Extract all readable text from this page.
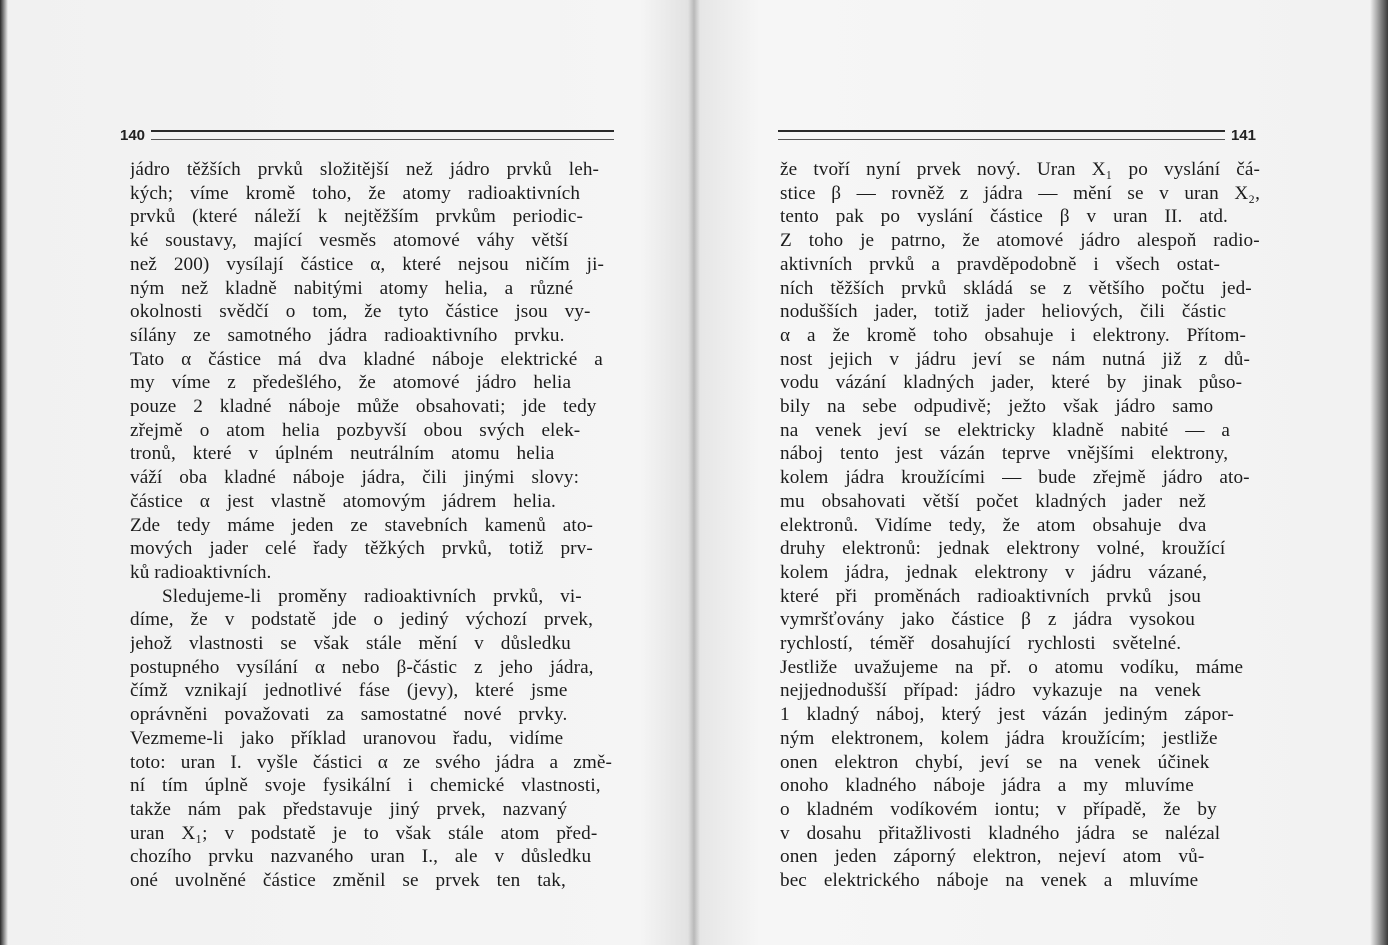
140
jádro těžších prvků složitější než jádro prvků leh-
kých; víme kromě toho, že atomy radioaktivních
prvků (které náleží k nejtěžším prvkům periodic-
ké soustavy, mající vesměs atomové váhy větší
než 200) vysílají částice α, které nejsou ničím ji-
ným než kladně nabitými atomy helia, a různé
okolnosti svědčí o tom, že tyto částice jsou vy-
sílány ze samotného jádra radioaktivního prvku.
Tato α částice má dva kladné náboje elektrické a
my víme z předešlého, že atomové jádro helia
pouze 2 kladné náboje může obsahovati; jde tedy
zřejmě o atom helia pozbyvší obou svých elek-
tronů, které v úplném neutrálním atomu helia
váží oba kladné náboje jádra, čili jinými slovy:
částice α jest vlastně atomovým jádrem helia.
Zde tedy máme jeden ze stavebních kamenů ato-
mových jader celé řady těžkých prvků, totiž prv-
ků radioaktivních.
Sledujeme-li proměny radioaktivních prvků, vi-
díme, že v podstatě jde o jediný výchozí prvek,
jehož vlastnosti se však stále mění v důsledku
postupného vysílání α nebo β-částic z jeho jádra,
čímž vznikají jednotlivé fáse (jevy), které jsme
oprávněni považovati za samostatné nové prvky.
Vezmeme-li jako příklad uranovou řadu, vidíme
toto: uran I. vyšle částici α ze svého jádra a změ-
ní tím úplně svoje fysikální i chemické vlastnosti,
takže nám pak představuje jiný prvek, nazvaný
uran X₁; v podstatě je to však stále atom před-
chozího prvku nazvaného uran I., ale v důsledku
oné uvolněné částice změnil se prvek ten tak,
141
že tvoří nyní prvek nový. Uran X₁ po vyslání čá-
stice β — rovněž z jádra — mění se v uran X₂,
tento pak po vyslání částice β v uran II. atd.
Z toho je patrno, že atomové jádro alespoň radio-
aktivních prvků a pravděpodobně i všech ostat-
ních těžších prvků skládá se z většího počtu jed-
nodušších jader, totiž jader heliových, čili částic
α a že kromě toho obsahuje i elektrony. Přítom-
nost jejich v jádru jeví se nám nutná již z dů-
vodu vázání kladných jader, které by jinak půso-
bily na sebe odpudivě; ježto však jádro samo
na venek jeví se elektricky kladně nabité — a
náboj tento jest vázán teprve vnějšími elektrony,
kolem jádra kroužícími — bude zřejmě jádro ato-
mu obsahovati větší počet kladných jader než
elektronů. Vidíme tedy, že atom obsahuje dva
druhy elektronů: jednak elektrony volné, kroužící
kolem jádra, jednak elektrony v jádru vázané,
které při proměnách radioaktivních prvků jsou
vymršťovány jako částice β z jádra vysokou
rychlostí, téměř dosahující rychlosti světelné.
Jestliže uvažujeme na př. o atomu vodíku, máme
nejjednodušší případ: jádro vykazuje na venek
1 kladný náboj, který jest vázán jediným zápor-
ným elektronem, kolem jádra kroužícím; jestliže
onen elektron chybí, jeví se na venek účinek
onoho kladného náboje jádra a my mluvíme
o kladném vodíkovém iontu; v případě, že by
v dosahu přitažlivosti kladného jádra se nalézal
onen jeden záporný elektron, nejeví atom vů-
bec elektrického náboje na venek a mluvíme
